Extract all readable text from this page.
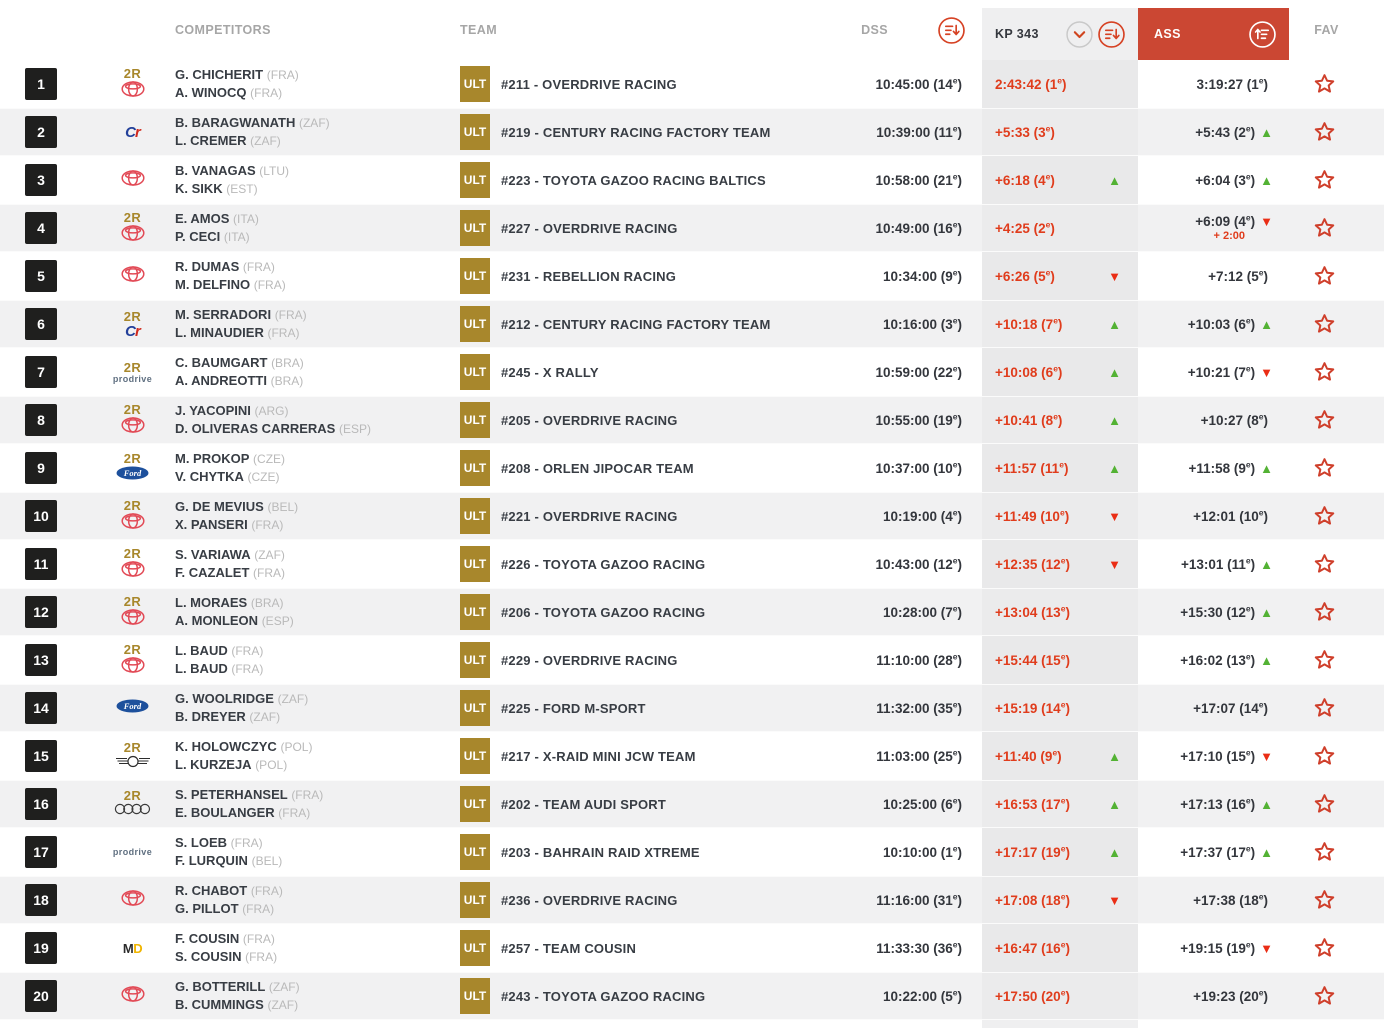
COMPETITORS	TEAM	DSS	KP 343	ASS	FAV
1
2R	G. CHICHERIT (FRA)
A. WINOCQ (FRA)
ULT #211 - OVERDRIVE RACING	10:45:00 (14e)	2:43:42 (1e)	3:19:27 (1e)
2	Cr
B. BARAGWANATH (ZAF)
L. CREMER (ZAF)
ULT #219 - CENTURY RACING FACTORY TEAM	10:39:00 $(11^e)$	+5:33 $(3^e)$	+5:43 (2e) ▲
3
B. VANAGAS (LTU)
K. SIKK (EST)
ULT #223 - TOYOTA GAZOO RACING BALTICS	10:58:00 $(21^e)$	+6:18 (4e)	▲	+6:04 (3e) ▲
4
2R	E. AMOS (ITA)
P. CECI (ITA)
ULT #227 - OVERDRIVE RACING	10:49:00 $(16^e)$	+4:25 $(2^e)$	+6:09 (4e) ▼
+ 2:00
5
R. DUMAS (FRA)
M. DELFINO (FRA)
ULT #231 - REBELLION RACING	10:34:00 $(9^e)$	+6:26 (5e)	▼	+7:12 (5e)
6	2R
Cr
M. SERRADORI (FRA)
L. MINAUDIER (FRA)
ULT #212 - CENTURY RACING FACTORY TEAM	10:16:00 $(3^e)$	+10:18 (7e)	▲	+10:03 (6e) ▲
7	2R
prodrive
C. BAUMGART (BRA)
A. ANDREOTTI (BRA)
ULT #245 - X RALLY	10:59:00 $(22^e)$	+10:08 (6e)	▲	+10:21 (7e) ▼
8
2R	J. YACOPINI (ARG)
D. OLIVERAS CARRERAS (ESP)
ULT #205 - OVERDRIVE RACING	10:55:00 $(19^e)$	+10:41 (8e)	▲	+10:27 (8e)
9
2R
Ford
M. PROKOP (CZE)
V. CHYTKA (CZE)
ULT #208 - ORLEN JIPOCAR TEAM	10:37:00 $(10^e)$	+11:57 (11e)	▲	+11:58 (9e) ▲
10
2R	G. DE MEVIUS (BEL)
X. PANSERI (FRA)
ULT #221 - OVERDRIVE RACING	10:19:00 $(4^e)$	+11:49 (10e)	▼	+12:01 (10e)
11
2R	S. VARIAWA (ZAF)
F. CAZALET (FRA)
ULT #226 - TOYOTA GAZOO RACING	10:43:00 $(12^e)$	+12:35 (12e)	▼	+13:01 (11e) ▲
12
2R	L. MORAES (BRA)
A. MONLEON (ESP)
ULT #206 - TOYOTA GAZOO RACING	10:28:00 $(7^e)$	+13:04 $(13^e)$	+15:30 (12e) ▲
13
2R	L. BAUD (FRA)
L. BAUD (FRA)
ULT #229 - OVERDRIVE RACING	11:10:00 $(28^e)$	+15:44 $(15^e)$	+16:02 (13e) ▲
14	Ford	G. WOOLRIDGE (ZAF)
B. DREYER (ZAF)
ULT #225 - FORD M-SPORT	11:32:00 $(35^e)$	+15:19 $(14^e)$	+17:07 (14e)
15
2R	K. HOLOWCZYC (POL)
L. KURZEJA (POL)
ULT #217 - X-RAID MINI JCW TEAM	11:03:00 $(25^e)$	+11:40 (9e)	▲	+17:10 (15e) ▼
16
2R	S. PETERHANSEL (FRA)
E. BOULANGER (FRA)
ULT #202 - TEAM AUDI SPORT	10:25:00 $(6^e)$	+16:53 (17e)	▲	+17:13 (16e) ▲
17	prodrive
S. LOEB (FRA)
F. LURQUIN (BEL)
ULT #203 - BAHRAIN RAID XTREME	10:10:00 $(1^e)$	+17:17 (19e)	▲	+17:37 (17e) ▲
18
R. CHABOT (FRA)
G. PILLOT (FRA)
ULT #236 - OVERDRIVE RACING	11:16:00 $(31^e)$	+17:08 (18e)	▼	+17:38 (18e)
19	MD
F. COUSIN (FRA)
S. COUSIN (FRA)
ULT #257 - TEAM COUSIN	11:33:30 $(36^e)$	+16:47 $(16^e)$	+19:15 (19e) ▼
20
G. BOTTERILL (ZAF)
B. CUMMINGS (ZAF)
ULT #243 - TOYOTA GAZOO RACING	10:22:00 $(5^e)$	+17:50 $(20^e)$	+19:23 (20e)
